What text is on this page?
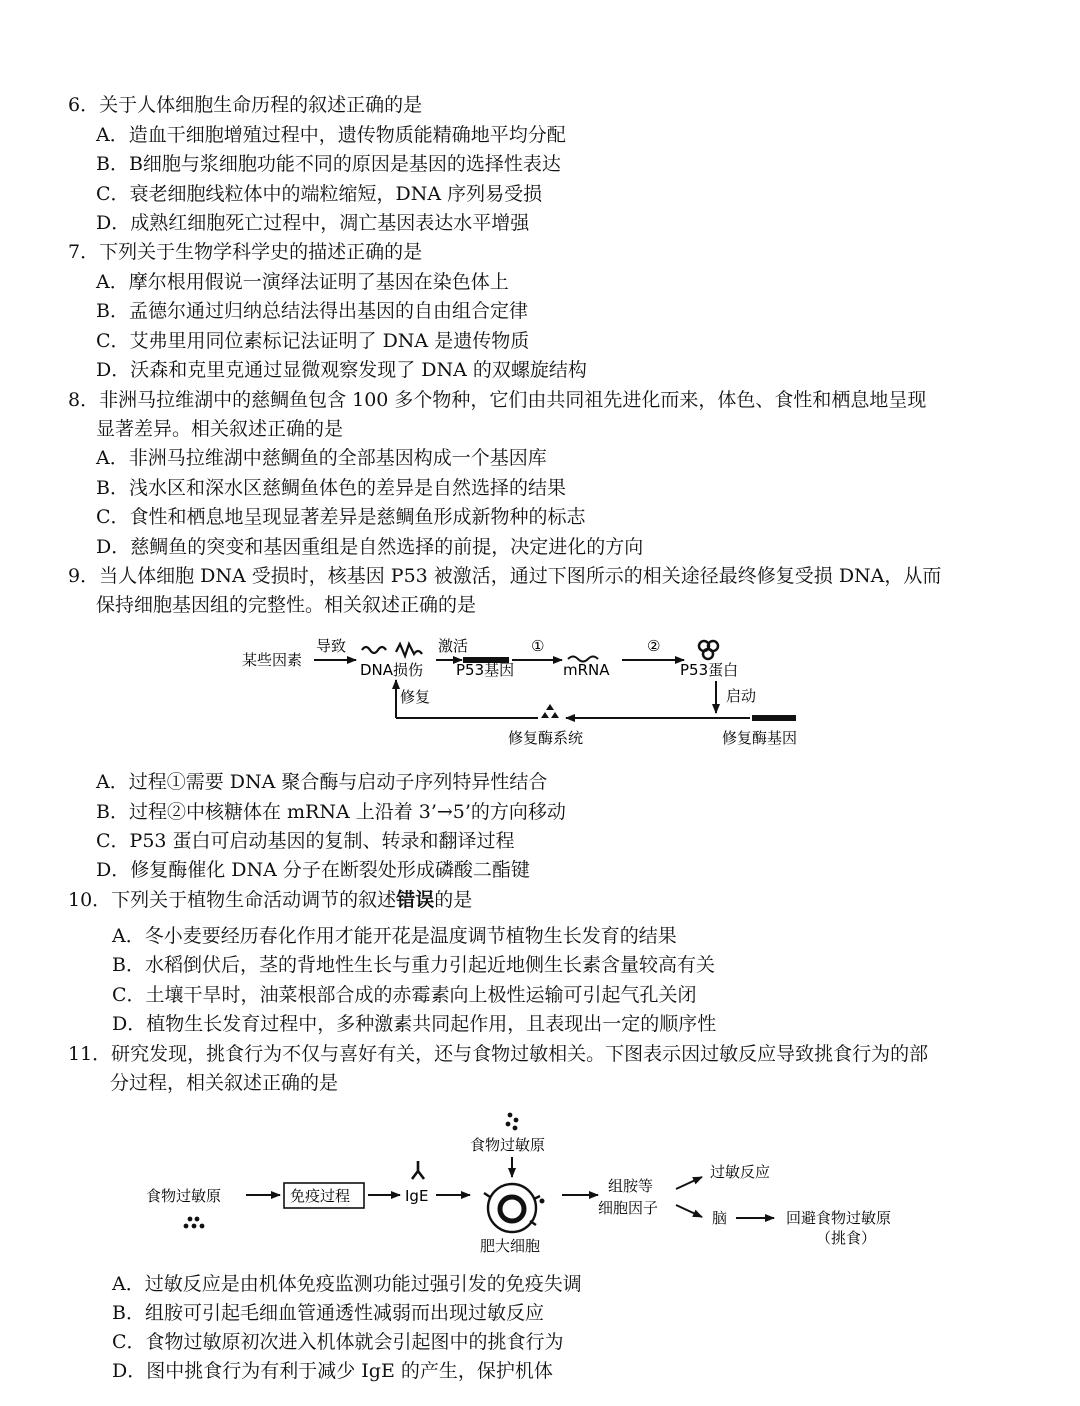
6．关于人体细胞生命历程的叙述正确的是
A．造血干细胞增殖过程中，遗传物质能精确地平均分配
B．B细胞与浆细胞功能不同的原因是基因的选择性表达
C．衰老细胞线粒体中的端粒缩短，DNA 序列易受损
D．成熟红细胞死亡过程中，凋亡基因表达水平增强
7．下列关于生物学科学史的描述正确的是
A．摩尔根用假说一演绎法证明了基因在染色体上
B．孟德尔通过归纳总结法得出基因的自由组合定律
C．艾弗里用同位素标记法证明了 DNA 是遗传物质
D．沃森和克里克通过显微观察发现了 DNA 的双螺旋结构
8．非洲马拉维湖中的慈鲷鱼包含 100 多个物种，它们由共同祖先进化而来，体色、食性和栖息地呈现
显著差异。相关叙述正确的是
A．非洲马拉维湖中慈鲷鱼的全部基因构成一个基因库
B．浅水区和深水区慈鲷鱼体色的差异是自然选择的结果
C．食性和栖息地呈现显著差异是慈鲷鱼形成新物种的标志
D．慈鲷鱼的突变和基因重组是自然选择的前提，决定进化的方向
9．当人体细胞 DNA 受损时，核基因 P53 被激活，通过下图所示的相关途径最终修复受损 DNA，从而
保持细胞基因组的完整性。相关叙述正确的是
某些因素
导致
DNA损伤
激活
P53基因
①
mRNA
②
P53蛋白
启动
修复酶基因
修复酶系统
修复
A．过程①需要 DNA 聚合酶与启动子序列特异性结合
B．过程②中核糖体在 mRNA 上沿着 3’→5’的方向移动
C．P53 蛋白可启动基因的复制、转录和翻译过程
D．修复酶催化 DNA 分子在断裂处形成磷酸二酯键
10．下列关于植物生命活动调节的叙述错误的是
A．冬小麦要经历春化作用才能开花是温度调节植物生长发育的结果
B．水稻倒伏后，茎的背地性生长与重力引起近地侧生长素含量较高有关
C．土壤干旱时，油菜根部合成的赤霉素向上极性运输可引起气孔关闭
D．植物生长发育过程中，多种激素共同起作用，且表现出一定的顺序性
11．研究发现，挑食行为不仅与喜好有关，还与食物过敏相关。下图表示因过敏反应导致挑食行为的部
分过程，相关叙述正确的是
食物过敏原	免疫过程	IgE
食物过敏原
肥大细胞
组胺等
细胞因子
过敏反应
脑	回避食物过敏原
（挑食）
A．过敏反应是由机体免疫监测功能过强引发的免疫失调
B．组胺可引起毛细血管通透性减弱而出现过敏反应
C．食物过敏原初次进入机体就会引起图中的挑食行为
D．图中挑食行为有利于减少 IgE 的产生，保护机体
